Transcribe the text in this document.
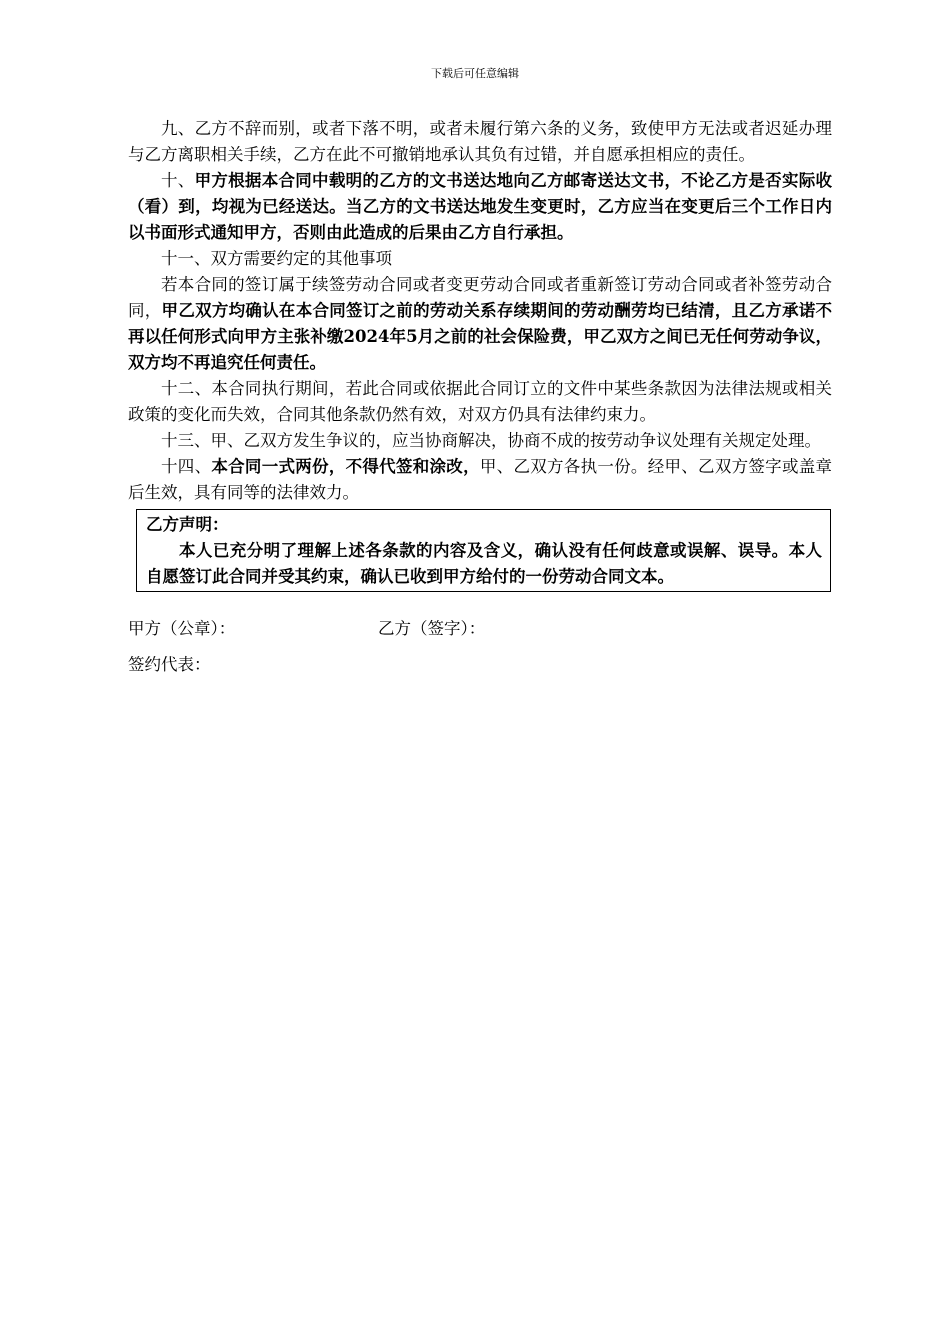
下载后可任意编辑

九、乙方不辞而别，或者下落不明，或者未履行第六条的义务，致使甲方无法或者迟延办理与乙方离职相关手续，乙方在此不可撤销地承认其负有过错，并自愿承担相应的责任。

十、甲方根据本合同中载明的乙方的文书送达地向乙方邮寄送达文书，不论乙方是否实际收（看）到，均视为已经送达。当乙方的文书送达地发生变更时，乙方应当在变更后三个工作日内以书面形式通知甲方，否则由此造成的后果由乙方自行承担。

十一、双方需要约定的其他事项

若本合同的签订属于续签劳动合同或者变更劳动合同或者重新签订劳动合同或者补签劳动合同，甲乙双方均确认在本合同签订之前的劳动关系存续期间的劳动酬劳均已结清，且乙方承诺不再以任何形式向甲方主张补缴2024年5月之前的社会保险费，甲乙双方之间已无任何劳动争议，双方均不再追究任何责任。

十二、本合同执行期间，若此合同或依据此合同订立的文件中某些条款因为法律法规或相关政策的变化而失效，合同其他条款仍然有效，对双方仍具有法律约束力。

十三、甲、乙双方发生争议的，应当协商解决，协商不成的按劳动争议处理有关规定处理。

十四、本合同一式两份，不得代签和涂改，甲、乙双方各执一份。经甲、乙双方签字或盖章后生效，具有同等的法律效力。

乙方声明：

本人已充分明了理解上述各条款的内容及含义，确认没有任何歧意或误解、误导。本人自愿签订此合同并受其约束，确认已收到甲方给付的一份劳动合同文本。

甲方（公章）：	乙方（签字）：
签约代表：
